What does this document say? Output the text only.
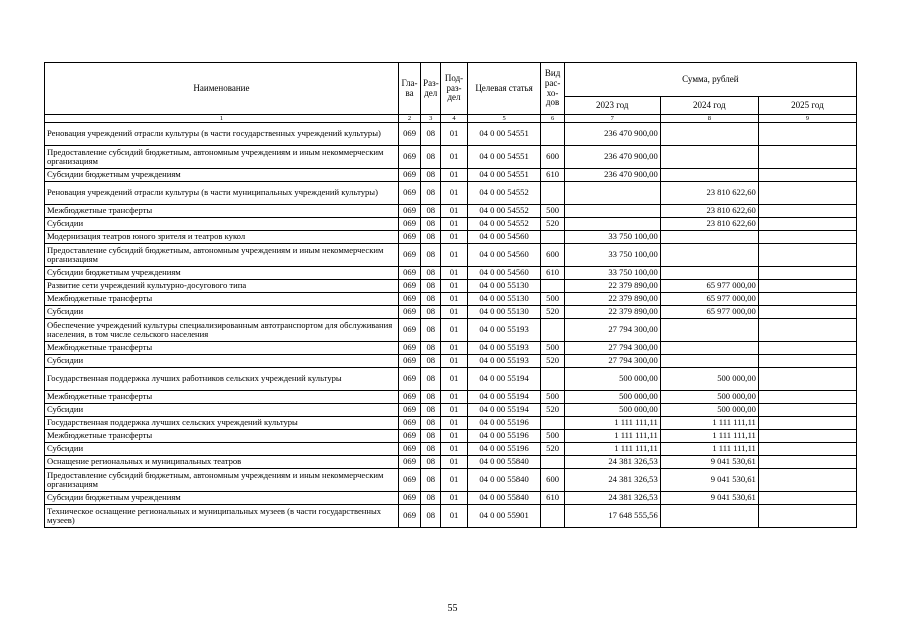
Наименование	Гла-ва	Раз-дел	Под-раз-дел	Целевая статья	Вид рас-хо-дов	Сумма, рублей		
						2023 год	2024 год	2025 год
1	2	3	4	5	6	7	8	9
Реновация учреждений отрасли культуры (в части государственных учреждений культуры)	069	08	01	04 0 00 54551		236 470 900,00		
Предоставление субсидий бюджетным, автономным учреждениям и иным некоммерческим организациям	069	08	01	04 0 00 54551	600	236 470 900,00		
Субсидии бюджетным учреждениям	069	08	01	04 0 00 54551	610	236 470 900,00		
Реновация учреждений отрасли культуры (в части муниципальных учреждений культуры)	069	08	01	04 0 00 54552			23 810 622,60	
Межбюджетные трансферты	069	08	01	04 0 00 54552	500		23 810 622,60	
Субсидии	069	08	01	04 0 00 54552	520		23 810 622,60	
Модернизация театров юного зрителя и театров кукол	069	08	01	04 0 00 54560		33 750 100,00		
Предоставление субсидий бюджетным, автономным учреждениям и иным некоммерческим организациям	069	08	01	04 0 00 54560	600	33 750 100,00		
Субсидии бюджетным учреждениям	069	08	01	04 0 00 54560	610	33 750 100,00		
Развитие сети учреждений культурно-досугового типа	069	08	01	04 0 00 55130		22 379 890,00	65 977 000,00	
Межбюджетные трансферты	069	08	01	04 0 00 55130	500	22 379 890,00	65 977 000,00	
Субсидии	069	08	01	04 0 00 55130	520	22 379 890,00	65 977 000,00	
Обеспечение учреждений культуры специализированным автотранспортом для обслуживания населения, в том числе сельского населения	069	08	01	04 0 00 55193		27 794 300,00		
Межбюджетные трансферты	069	08	01	04 0 00 55193	500	27 794 300,00		
Субсидии	069	08	01	04 0 00 55193	520	27 794 300,00		
Государственная поддержка лучших работников сельских учреждений культуры	069	08	01	04 0 00 55194		500 000,00	500 000,00	
Межбюджетные трансферты	069	08	01	04 0 00 55194	500	500 000,00	500 000,00	
Субсидии	069	08	01	04 0 00 55194	520	500 000,00	500 000,00	
Государственная поддержка лучших сельских учреждений культуры	069	08	01	04 0 00 55196		1 111 111,11	1 111 111,11	
Межбюджетные трансферты	069	08	01	04 0 00 55196	500	1 111 111,11	1 111 111,11	
Субсидии	069	08	01	04 0 00 55196	520	1 111 111,11	1 111 111,11	
Оснащение региональных и муниципальных театров	069	08	01	04 0 00 55840		24 381 326,53	9 041 530,61	
Предоставление субсидий бюджетным, автономным учреждениям и иным некоммерческим организациям	069	08	01	04 0 00 55840	600	24 381 326,53	9 041 530,61	
Субсидии бюджетным учреждениям	069	08	01	04 0 00 55840	610	24 381 326,53	9 041 530,61	
Техническое оснащение региональных и муниципальных музеев (в части государственных музеев)	069	08	01	04 0 00 55901		17 648 555,56		
55
